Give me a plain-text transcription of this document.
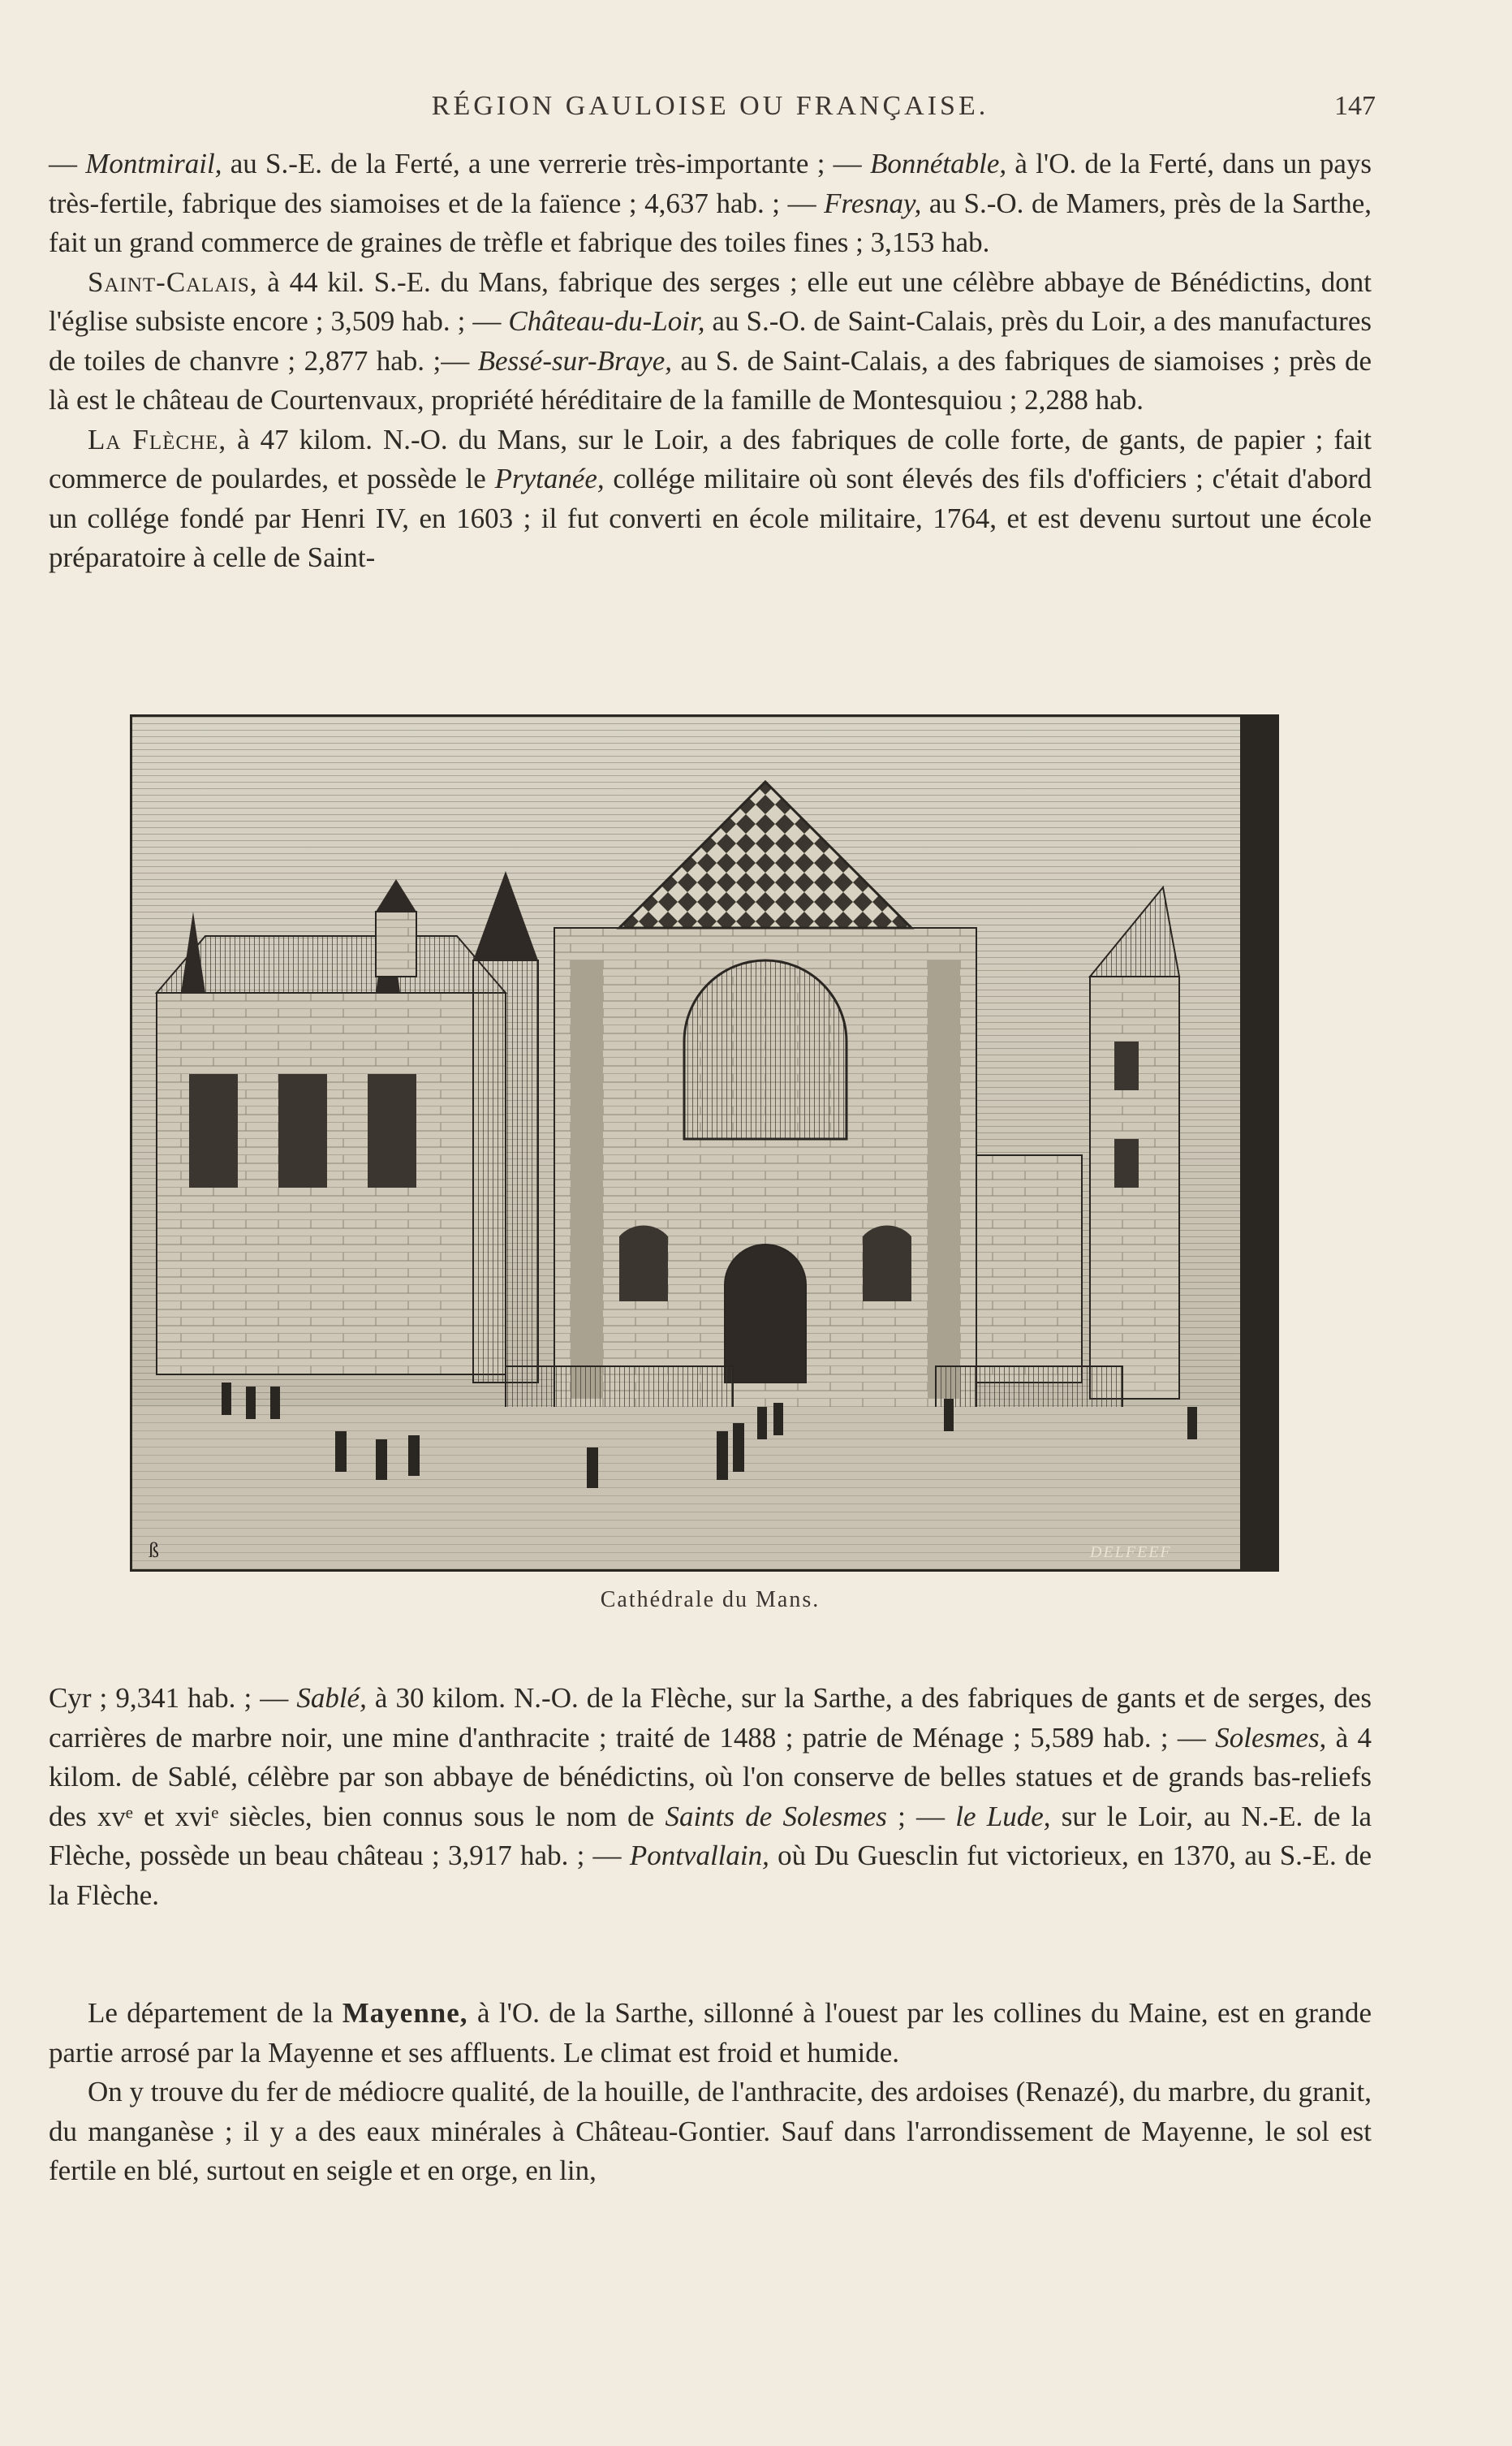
RÉGION GAULOISE OU FRANÇAISE.	147

— Montmirail, au S.-E. de la Ferté, a une verrerie très-importante ; — Bonnétable, à l'O. de la Ferté, dans un pays très-fertile, fabrique des siamoises et de la faïence ; 4,637 hab. ; — Fresnay, au S.-O. de Mamers, près de la Sarthe, fait un grand commerce de graines de trèfle et fabrique des toiles fines ; 3,153 hab.

Saint-Calais, à 44 kil. S.-E. du Mans, fabrique des serges ; elle eut une célèbre abbaye de Bénédictins, dont l'église subsiste encore ; 3,509 hab. ; — Château-du-Loir, au S.-O. de Saint-Calais, près du Loir, a des manufactures de toiles de chanvre ; 2,877 hab. ;— Bessé-sur-Braye, au S. de Saint-Calais, a des fabriques de siamoises ; près de là est le château de Courtenvaux, propriété héréditaire de la famille de Montesquiou ; 2,288 hab.

La Flèche, à 47 kilom. N.-O. du Mans, sur le Loir, a des fabriques de colle forte, de gants, de papier ; fait commerce de poulardes, et possède le Prytanée, collége militaire où sont élevés des fils d'officiers ; c'était d'abord un collége fondé par Henri IV, en 1603 ; il fut converti en école militaire, 1764, et est devenu surtout une école préparatoire à celle de Saint-

ß	DELFEEF
Cathédrale du Mans.

Cyr ; 9,341 hab. ; — Sablé, à 30 kilom. N.-O. de la Flèche, sur la Sarthe, a des fabriques de gants et de serges, des carrières de marbre noir, une mine d'anthracite ; traité de 1488 ; patrie de Ménage ; 5,589 hab. ; — Solesmes, à 4 kilom. de Sablé, célèbre par son abbaye de bénédictins, où l'on conserve de belles statues et de grands bas-reliefs des xvᵉ et xviᵉ siècles, bien connus sous le nom de Saints de Solesmes ; — le Lude, sur le Loir, au N.-E. de la Flèche, possède un beau château ; 3,917 hab. ; — Pontvallain, où Du Guesclin fut victorieux, en 1370, au S.-E. de la Flèche.

Le département de la Mayenne, à l'O. de la Sarthe, sillonné à l'ouest par les collines du Maine, est en grande partie arrosé par la Mayenne et ses affluents. Le climat est froid et humide.

On y trouve du fer de médiocre qualité, de la houille, de l'anthracite, des ardoises (Renazé), du marbre, du granit, du manganèse ; il y a des eaux minérales à Château-Gontier. Sauf dans l'arrondissement de Mayenne, le sol est fertile en blé, surtout en seigle et en orge, en lin,
